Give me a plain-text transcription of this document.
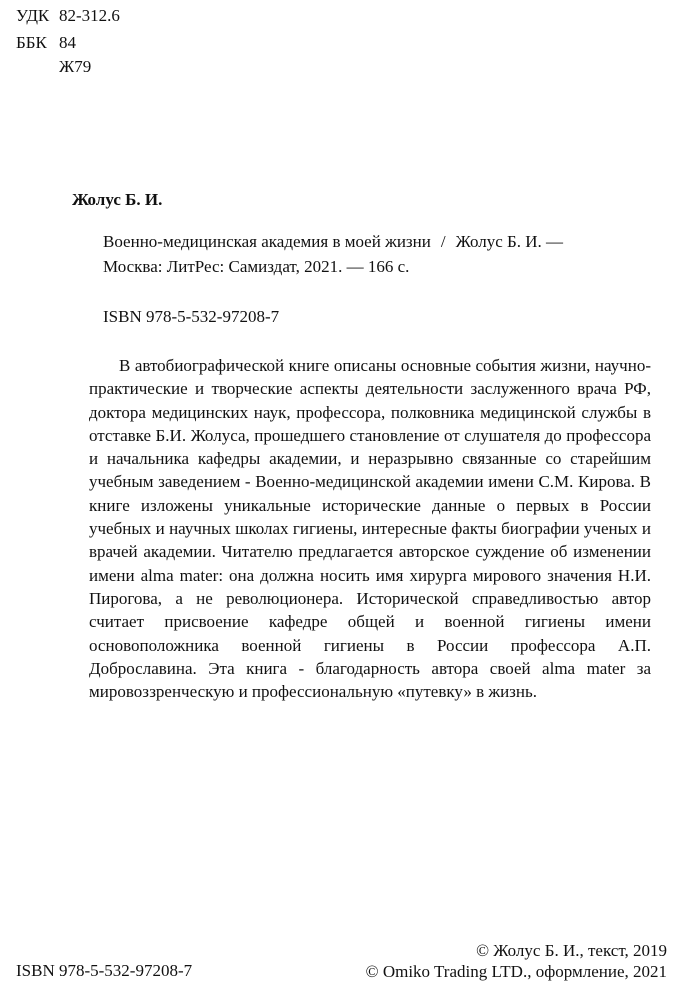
УДК 82-312.6
ББК 84
Ж79
Жолус Б. И.
Военно-медицинская академия в моей жизни / Жолус Б. И. —
Москва: ЛитРес: Самиздат, 2021. — 166 с.
ISBN 978-5-532-97208-7

В автобиографической книге описаны основные события жизни, научно-практические и творческие аспекты деятельности заслуженного врача РФ, доктора медицинских наук, профессора, полковника медицинской службы в отставке Б.И. Жолуса, прошедшего становление от слушателя до профессора и начальника кафедры академии, и неразрывно связанные со старейшим учебным заведением - Военно-медицинской академии имени С.М. Кирова. В книге изложены уникальные исторические данные о первых в России учебных и научных школах гигиены, интересные факты биографии ученых и врачей академии. Читателю предлагается авторское суждение об изменении имени alma mater: она должна носить имя хирурга мирового значения Н.И. Пирогова, а не революционера. Исторической справедливостью автор считает присвоение кафедре общей и военной гигиены имени основоположника военной гигиены в России профессора А.П. Доброславина. Эта книга - благодарность автора своей alma mater за мировоззренческую и профессиональную «путевку» в жизнь.

ISBN 978-5-532-97208-7
© Жолус Б. И., текст, 2019
© Omiko Trading LTD., оформление, 2021
